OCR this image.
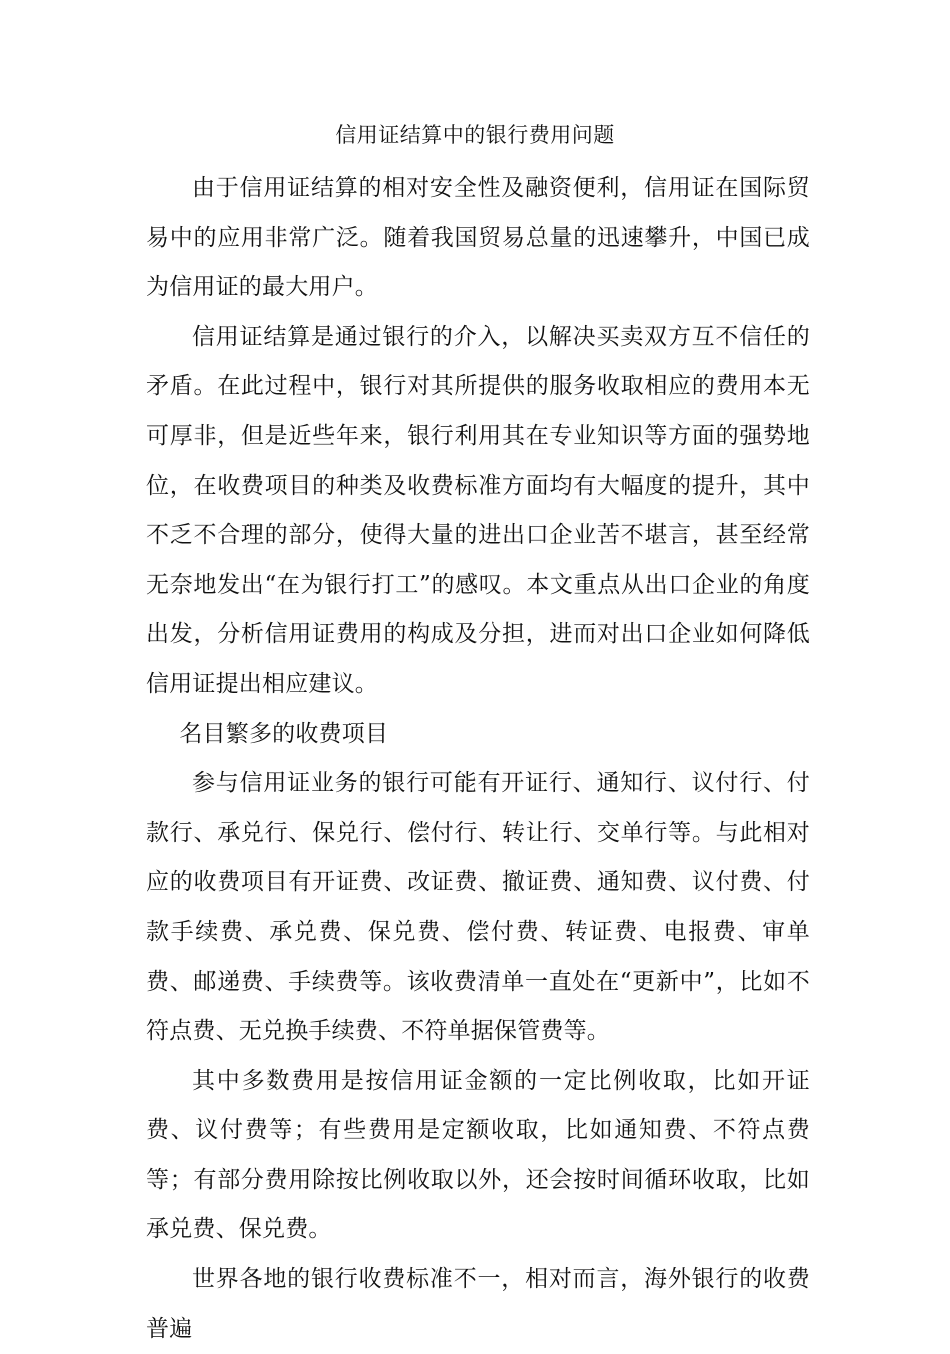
信用证结算中的银行费用问题

由于信用证结算的相对安全性及融资便利，信用证在国际贸易中的应用非常广泛。随着我国贸易总量的迅速攀升，中国已成为信用证的最大用户。

信用证结算是通过银行的介入，以解决买卖双方互不信任的矛盾。在此过程中，银行对其所提供的服务收取相应的费用本无可厚非，但是近些年来，银行利用其在专业知识等方面的强势地位，在收费项目的种类及收费标准方面均有大幅度的提升，其中不乏不合理的部分，使得大量的进出口企业苦不堪言，甚至经常无奈地发出“在为银行打工”的感叹。本文重点从出口企业的角度出发，分析信用证费用的构成及分担，进而对出口企业如何降低信用证提出相应建议。

名目繁多的收费项目

参与信用证业务的银行可能有开证行、通知行、议付行、付款行、承兑行、保兑行、偿付行、转让行、交单行等。与此相对应的收费项目有开证费、改证费、撤证费、通知费、议付费、付款手续费、承兑费、保兑费、偿付费、转证费、电报费、审单费、邮递费、手续费等。该收费清单一直处在“更新中”，比如不符点费、无兑换手续费、不符单据保管费等。

其中多数费用是按信用证金额的一定比例收取，比如开证费、议付费等；有些费用是定额收取，比如通知费、不符点费等；有部分费用除按比例收取以外，还会按时间循环收取，比如承兑费、保兑费。

世界各地的银行收费标准不一，相对而言，海外银行的收费普遍
